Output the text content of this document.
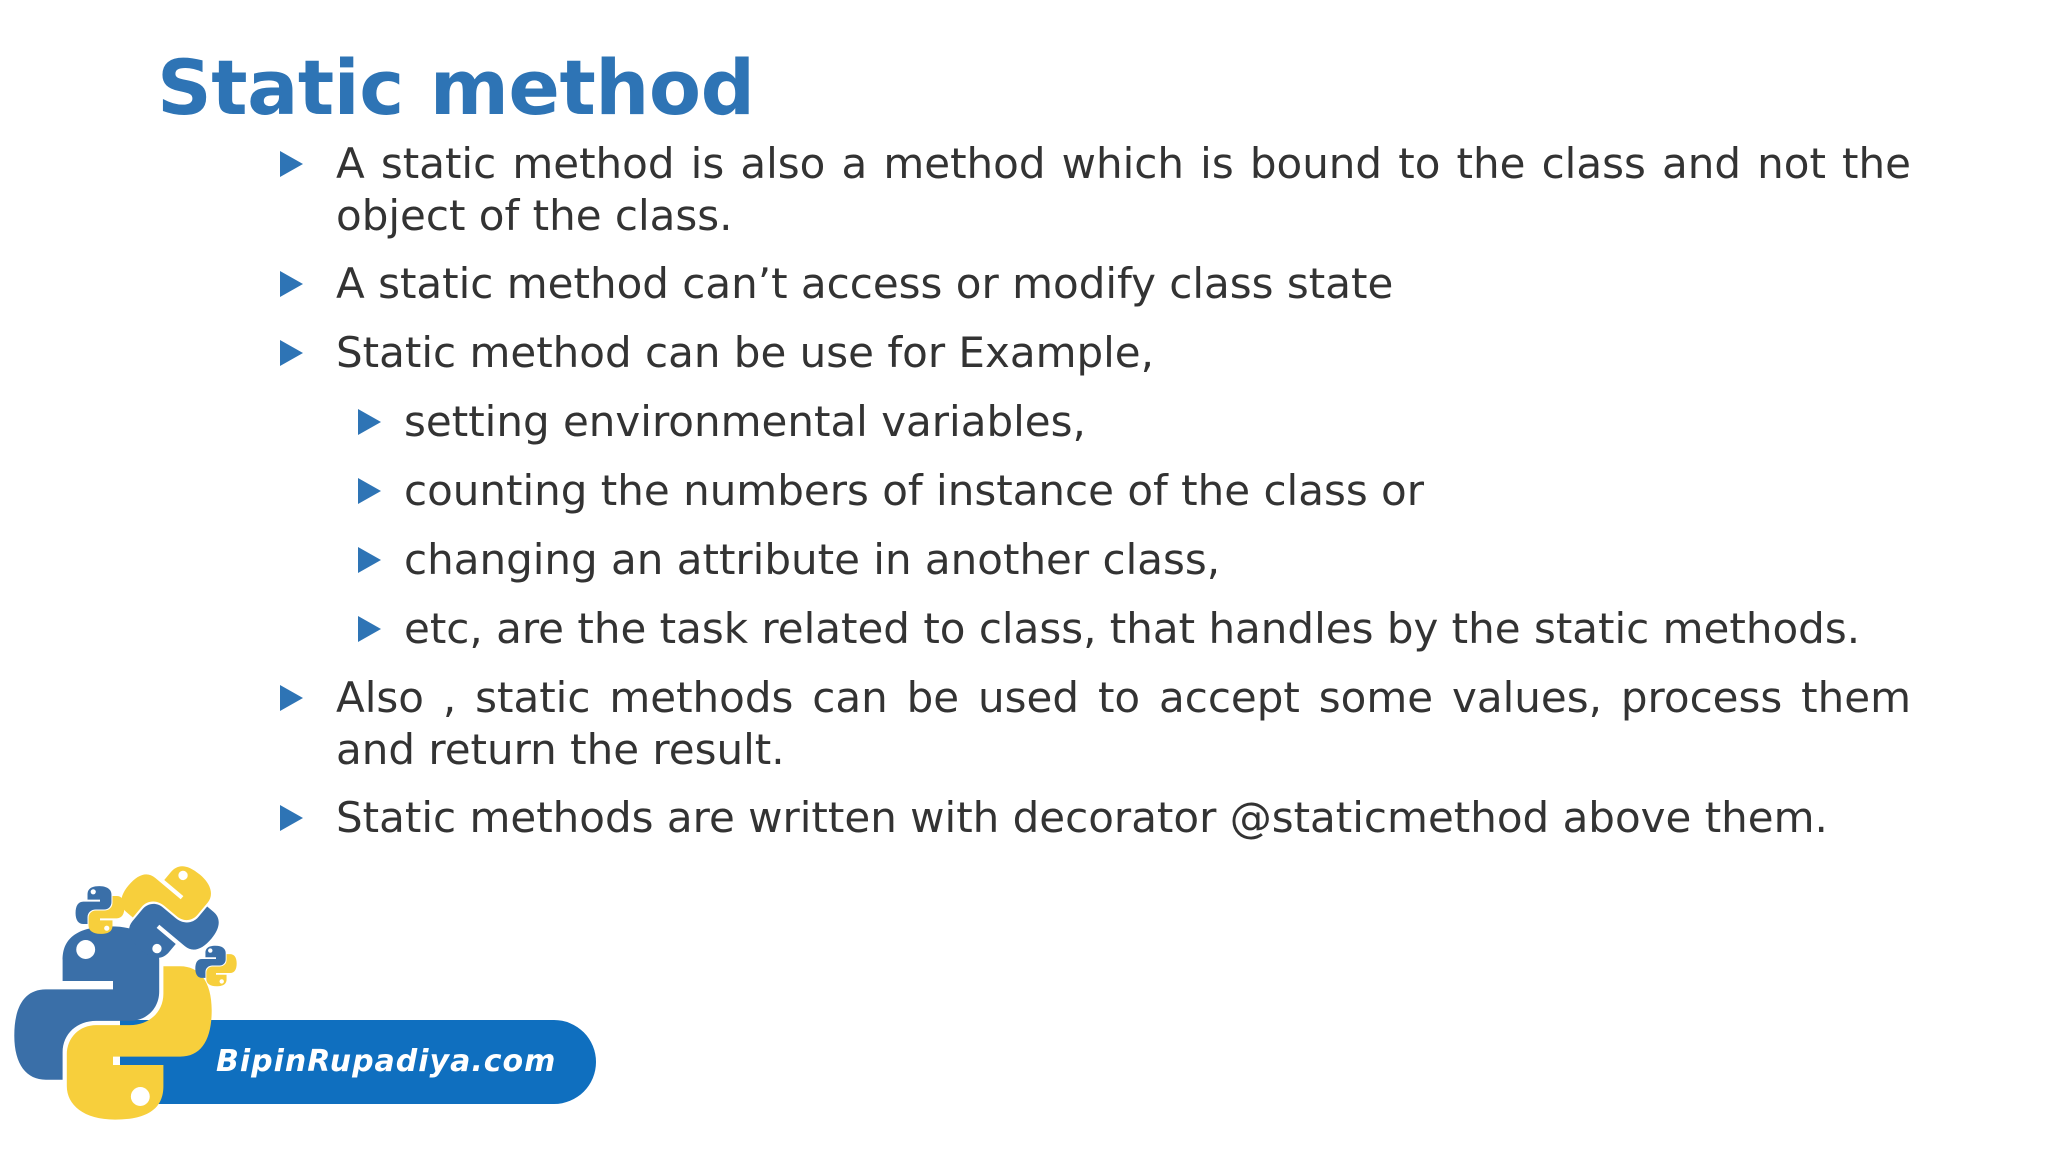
Static method
A static method is also a method which is bound to the class and not the object of the class.
A static method can’t access or modify class state
Static method can be use for Example,
setting environmental variables,
counting the numbers of instance of the class or
changing an attribute in another class,
etc, are the task related to class, that handles by the static methods.
Also , static methods can be used to accept some values, process them and return the result.
Static methods are written with decorator @staticmethod above them.
BipinRupadiya.com
